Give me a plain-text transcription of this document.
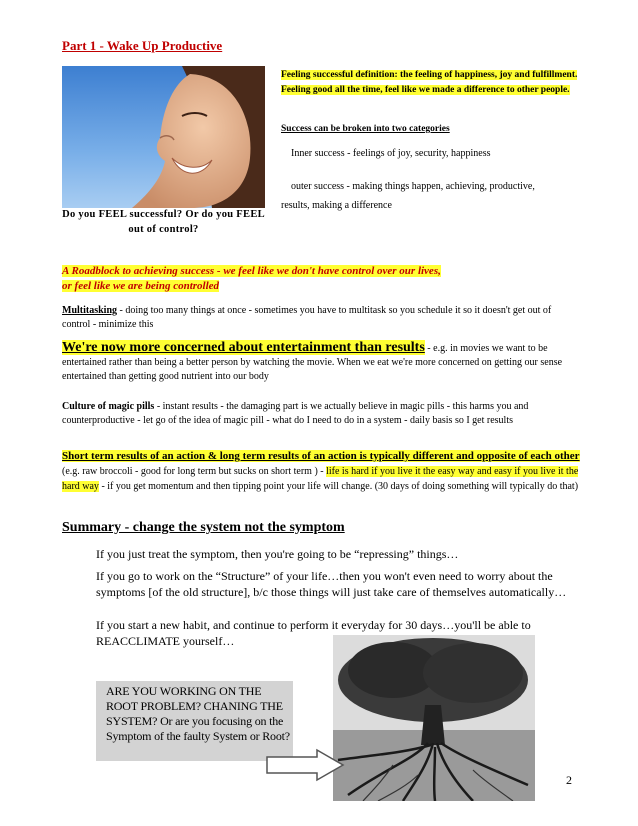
Part 1 - Wake Up Productive
Do you FEEL successful? Or do you FEEL out of control?
Feeling successful definition: the feeling of happiness, joy and fulfillment. Feeling good all the time, feel like we made a difference to other people.
Success can be broken into two categories
Inner success - feelings of joy, security, happiness
outer success - making things happen, achieving, productive,
results, making a difference
A Roadblock to achieving success - we feel like we don't have control over our lives,
or feel like we are being controlled
Multitasking - doing too many things at once - sometimes you have to multitask so you schedule it so it doesn't get out of control - minimize this
We're now more concerned about entertainment than results - e.g. in movies we want to be entertained rather than being a better person by watching the movie. When we eat we're more concerned on getting our sense entertained than getting good nutrient into our body
Culture of magic pills - instant results - the damaging part is we actually believe in magic pills - this harms you and counterproductive - let go of the idea of magic pill - what do I need to do in a system - daily basis so I get results
Short term results of an action & long term results of an action is typically different and opposite of each other (e.g. raw broccoli - good for long term but sucks on short term ) - life is hard if you live it the easy way and easy if you live it the hard way - if you get momentum and then tipping point your life will change. (30 days of doing something will typically do that)
Summary - change the system not the symptom
If you just treat the symptom, then you're going to be “repressing” things…
If you go to work on the “Structure” of your life…then you won't even need to worry about the symptoms [of the old structure], b/c those things will just take care of themselves automatically…
If you start a new habit, and continue to perform it everyday for 30 days…you'll be able to REACCLIMATE yourself…
ARE YOU WORKING ON THE ROOT PROBLEM? CHANING THE SYSTEM? Or are you focusing on the Symptom of the faulty System or Root?
2
